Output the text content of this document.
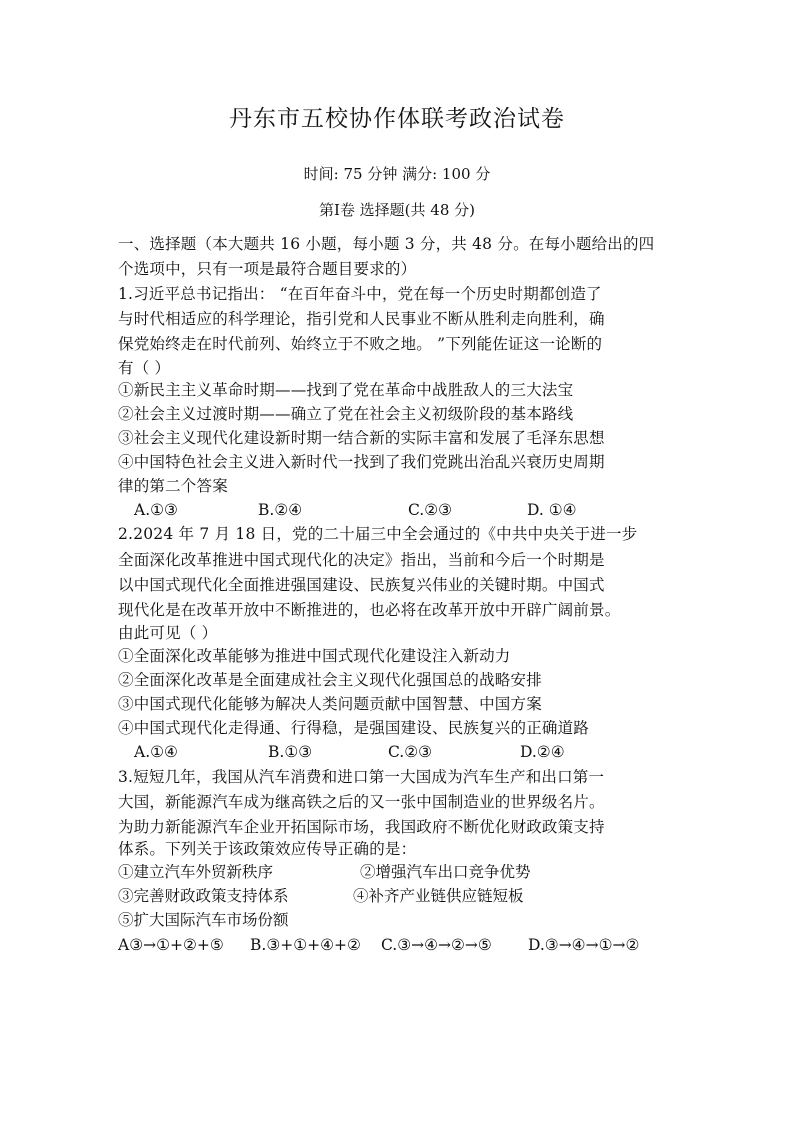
丹东市五校协作体联考政治试卷
时间: 75 分钟 满分: 100 分
第Ⅰ卷 选择题(共 48 分)
一、选择题（本大题共 16 小题，每小题 3 分，共 48 分。在每小题给出的四
个选项中，只有一项是最符合题目要求的）
1.习近平总书记指出： “在百年奋斗中，党在每一个历史时期都创造了
与时代相适应的科学理论，指引党和人民事业不断从胜利走向胜利，确
保党始终走在时代前列、始终立于不败之地。 ”下列能佐证这一论断的
有（ ）
①新民主主义革命时期——找到了党在革命中战胜敌人的三大法宝
②社会主义过渡时期——确立了党在社会主义初级阶段的基本路线
③社会主义现代化建设新时期一结合新的实际丰富和发展了毛泽东思想
④中国特色社会主义进入新时代一找到了我们党跳出治乱兴衰历史周期
律的第二个答案
A.①③	B.②④	C.②③	D. ①④
2.2024 年 7 月 18 日，党的二十届三中全会通过的《中共中央关于进一步
全面深化改革推进中国式现代化的决定》指出，当前和今后一个时期是
以中国式现代化全面推进强国建设、民族复兴伟业的关键时期。中国式
现代化是在改革开放中不断推进的，也必将在改革开放中开辟广阔前景。
由此可见（ ）
①全面深化改革能够为推进中国式现代化建设注入新动力
②全面深化改革是全面建成社会主义现代化强国总的战略安排
③中国式现代化能够为解决人类问题贡献中国智慧、中国方案
④中国式现代化走得通、行得稳，是强国建设、民族复兴的正确道路
A.①④	B.①③	C.②③	D.②④
3.短短几年，我国从汽车消费和进口第一大国成为汽车生产和出口第一
大国，新能源汽车成为继高铁之后的又一张中国制造业的世界级名片。
为助力新能源汽车企业开拓国际市场，我国政府不断优化财政政策支持
体系。下列关于该政策效应传导正确的是：
①建立汽车外贸新秩序	②增强汽车出口竞争优势
③完善财政政策支持体系	④补齐产业链供应链短板
⑤扩大国际汽车市场份额
A③→①+②+⑤ B.③+①+④+② C.③→④→②→⑤ D.③→④→①→②
